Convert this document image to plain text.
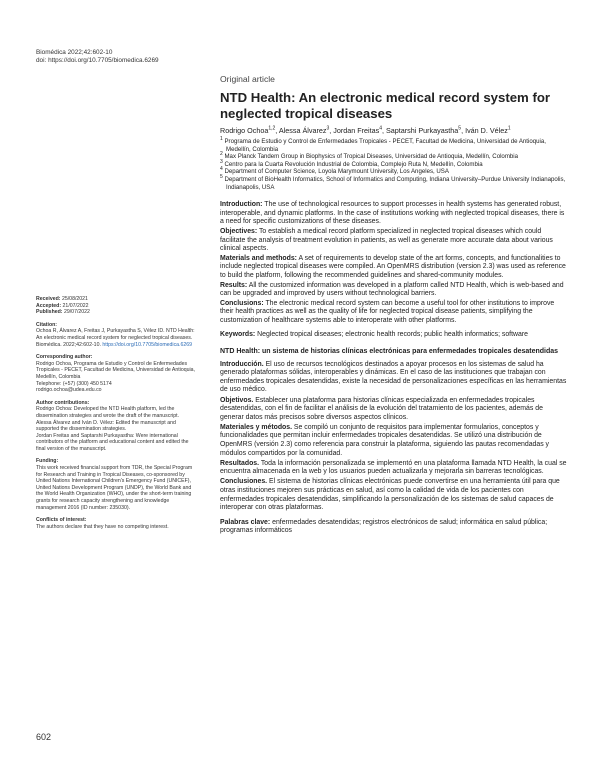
Biomédica 2022;42:602-10
doi: https://doi.org/10.7705/biomedica.6269
Original article
NTD Health: An electronic medical record system for neglected tropical diseases
Rodrigo Ochoa$^{1,2}$, Alessa Álvarez$^3$, Jordan Freitas$^4$, Saptarshi Purkayastha$^5$, Iván D. Vélez$^1$
$^1$ Programa de Estudio y Control de Enfermedades Tropicales - PECET, Facultad de Medicina, Universidad de Antioquia, Medellín, Colombia
$^2$ Max Planck Tandem Group in Biophysics of Tropical Diseases, Universidad de Antioquia, Medellín, Colombia
$^3$ Centro para la Cuarta Revolución Industrial de Colombia, Complejo Ruta N, Medellín, Colombia
$^4$ Department of Computer Science, Loyola Marymount University, Los Angeles, USA
$^5$ Department of BioHealth Informatics, School of Informatics and Computing, Indiana University–Purdue University Indianapolis, Indianapolis, USA

Introduction: The use of technological resources to support processes in health systems has generated robust, interoperable, and dynamic platforms. In the case of institutions working with neglected tropical diseases, there is a need for specific customizations of these diseases.

Objectives: To establish a medical record platform specialized in neglected tropical diseases which could facilitate the analysis of treatment evolution in patients, as well as generate more accurate data about various clinical aspects.

Materials and methods: A set of requirements to develop state of the art forms, concepts, and functionalities to include neglected tropical diseases were compiled. An OpenMRS distribution (version 2.3) was used as reference to build the platform, following the recommended guidelines and shared-community modules.

Results: All the customized information was developed in a platform called NTD Health, which is web-based and can be upgraded and improved by users without technological barriers.

Conclusions: The electronic medical record system can become a useful tool for other institutions to improve their health practices as well as the quality of life for neglected tropical disease patients, simplifying the customization of healthcare systems able to interoperate with other platforms.

Keywords: Neglected tropical diseases; electronic health records; public health informatics; software

NTD Health: un sistema de historias clínicas electrónicas para enfermedades tropicales desatendidas

Introducción. El uso de recursos tecnológicos destinados a apoyar procesos en los sistemas de salud ha generado plataformas sólidas, interoperables y dinámicas. En el caso de las instituciones que trabajan con enfermedades tropicales desatendidas, existe la necesidad de personalizaciones específicas en las herramientas de uso médico.

Objetivos. Establecer una plataforma para historias clínicas especializada en enfermedades tropicales desatendidas, con el fin de facilitar el análisis de la evolución del tratamiento de los pacientes, además de generar datos más precisos sobre diversos aspectos clínicos.

Materiales y métodos. Se compiló un conjunto de requisitos para implementar formularios, conceptos y funcionalidades que permitan incluir enfermedades tropicales desatendidas. Se utilizó una distribución de OpenMRS (versión 2.3) como referencia para construir la plataforma, siguiendo las pautas recomendadas y módulos compartidos por la comunidad.

Resultados. Toda la información personalizada se implementó en una plataforma llamada NTD Health, la cual se encuentra almacenada en la web y los usuarios pueden actualizarla y mejorarla sin barreras tecnológicas.

Conclusiones. El sistema de historias clínicas electrónicas puede convertirse en una herramienta útil para que otras instituciones mejoren sus prácticas en salud, así como la calidad de vida de los pacientes con enfermedades tropicales desatendidas, simplificando la personalización de los sistemas de salud capaces de interoperar con otras plataformas.

Palabras clave: enfermedades desatendidas; registros electrónicos de salud; informática en salud pública; programas informáticos

Received: 25/08/2021
Accepted: 21/07/2022
Published: 29/07/2022
Citation:
Ochoa R, Álvarez A, Freitas J, Purkayastha S, Vélez ID. NTD Health: An electronic medical record system for neglected tropical diseases. Biomédica. 2022;42:602-10. https://doi.org/10.7705/biomedica.6269
Corresponding author:
Rodrigo Ochoa, Programa de Estudio y Control de Enfermedades Tropicales - PECET, Facultad de Medicina, Universidad de Antioquia, Medellín, Colombia
Telephone: (+57) (300) 450 5174
rodrigo.ochoa@udea.edu.co
Author contributions:
Rodrigo Ochoa: Developed the NTD Health platform, led the dissemination strategies and wrote the draft of the manuscript.
Alessa Álvarez and Iván D. Vélez: Edited the manuscript and supported the dissemination strategies.
Jordan Freitas and Saptarshi Purkayastha: Were international contributors of the platform and educational content and edited the final version of the manuscript.
Funding:
This work received financial support from TDR, the Special Program for Research and Training in Tropical Diseases, co-sponsored by United Nations International Children's Emergency Fund (UNICEF), United Nations Development Program (UNDP), the World Bank and the World Health Organization (WHO), under the short-term training grants for research capacity strengthening and knowledge management 2016 (ID number: 235030).
Conflicts of interest:
The authors declare that they have no competing interest.
602
